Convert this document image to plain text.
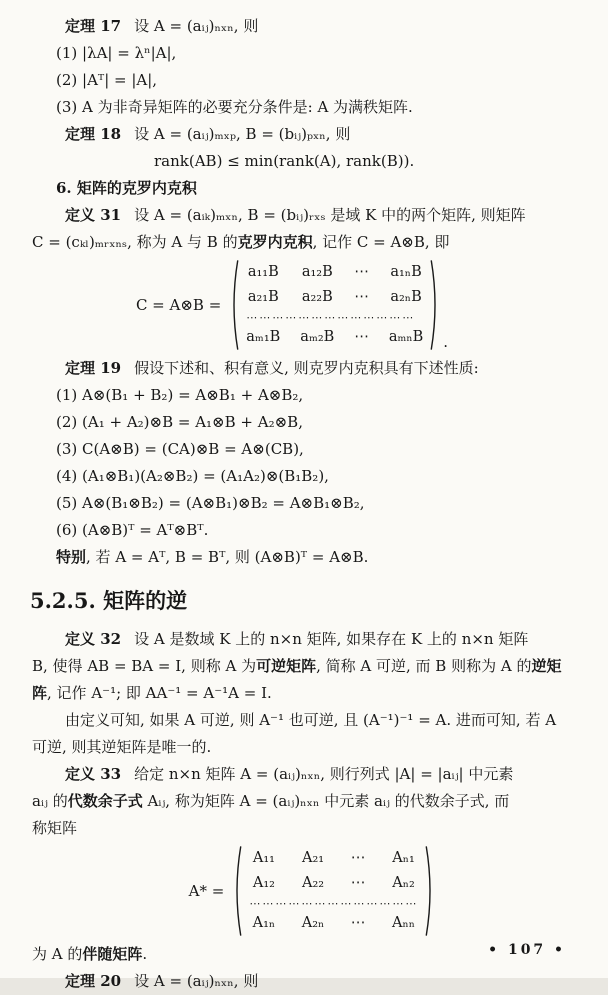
定理 17 设 A = (aᵢⱼ)ₙₓₙ, 则

(1) |λA| = λⁿ|A|,

(2) |Aᵀ| = |A|,

(3) A 为非奇异矩阵的必要充分条件是: A 为满秩矩阵.

定理 18 设 A = (aᵢⱼ)ₘₓₚ, B = (bᵢⱼ)ₚₓₙ, 则

rank(AB) ≤ min(rank(A), rank(B)).

6. 矩阵的克罗内克积

定义 31 设 A = (aᵢₖ)ₘₓₙ, B = (bᵢⱼ)ᵣₓₛ 是域 K 中的两个矩阵, 则矩阵

C = (cₖₗ)ₘᵣₓₙₛ, 称为 A 与 B 的克罗内克积, 记作 C = A⊗B, 即

C = A⊗B =
a₁₁B a₁₂B ⋯ a₁ₙB
a₂₁B a₂₂B ⋯ a₂ₙB
⋯⋯⋯⋯⋯⋯⋯⋯⋯⋯⋯⋯⋯
aₘ₁B aₘ₂B ⋯ aₘₙB .

定理 19 假设下述和、积有意义, 则克罗内克积具有下述性质:

(1) A⊗(B₁ + B₂) = A⊗B₁ + A⊗B₂,

(2) (A₁ + A₂)⊗B = A₁⊗B + A₂⊗B,

(3) C(A⊗B) = (CA)⊗B = A⊗(CB),

(4) (A₁⊗B₁)(A₂⊗B₂) = (A₁A₂)⊗(B₁B₂),

(5) A⊗(B₁⊗B₂) = (A⊗B₁)⊗B₂ = A⊗B₁⊗B₂,

(6) (A⊗B)ᵀ = Aᵀ⊗Bᵀ.

特别, 若 A = Aᵀ, B = Bᵀ, 则 (A⊗B)ᵀ = A⊗B.

5.2.5. 矩阵的逆

定义 32 设 A 是数域 K 上的 n×n 矩阵, 如果存在 K 上的 n×n 矩阵

B, 使得 AB = BA = I, 则称 A 为可逆矩阵, 简称 A 可逆, 而 B 则称为 A 的逆矩

阵, 记作 A⁻¹; 即 AA⁻¹ = A⁻¹A = I.

由定义可知, 如果 A 可逆, 则 A⁻¹ 也可逆, 且 (A⁻¹)⁻¹ = A. 进而可知, 若 A

可逆, 则其逆矩阵是唯一的.

定义 33 给定 n×n 矩阵 A = (aᵢⱼ)ₙₓₙ, 则行列式 |A| = |aᵢⱼ| 中元素

aᵢⱼ 的代数余子式 Aᵢⱼ, 称为矩阵 A = (aᵢⱼ)ₙₓₙ 中元素 aᵢⱼ 的代数余子式, 而

称矩阵

A* =
A₁₁ A₂₁ ⋯ Aₙ₁
A₁₂ A₂₂ ⋯ Aₙ₂
⋯⋯⋯⋯⋯⋯⋯⋯⋯⋯⋯⋯⋯
A₁ₙ A₂ₙ ⋯ Aₙₙ

为 A 的伴随矩阵.

定理 20 设 A = (aᵢⱼ)ₙₓₙ, 则

• 107 •
